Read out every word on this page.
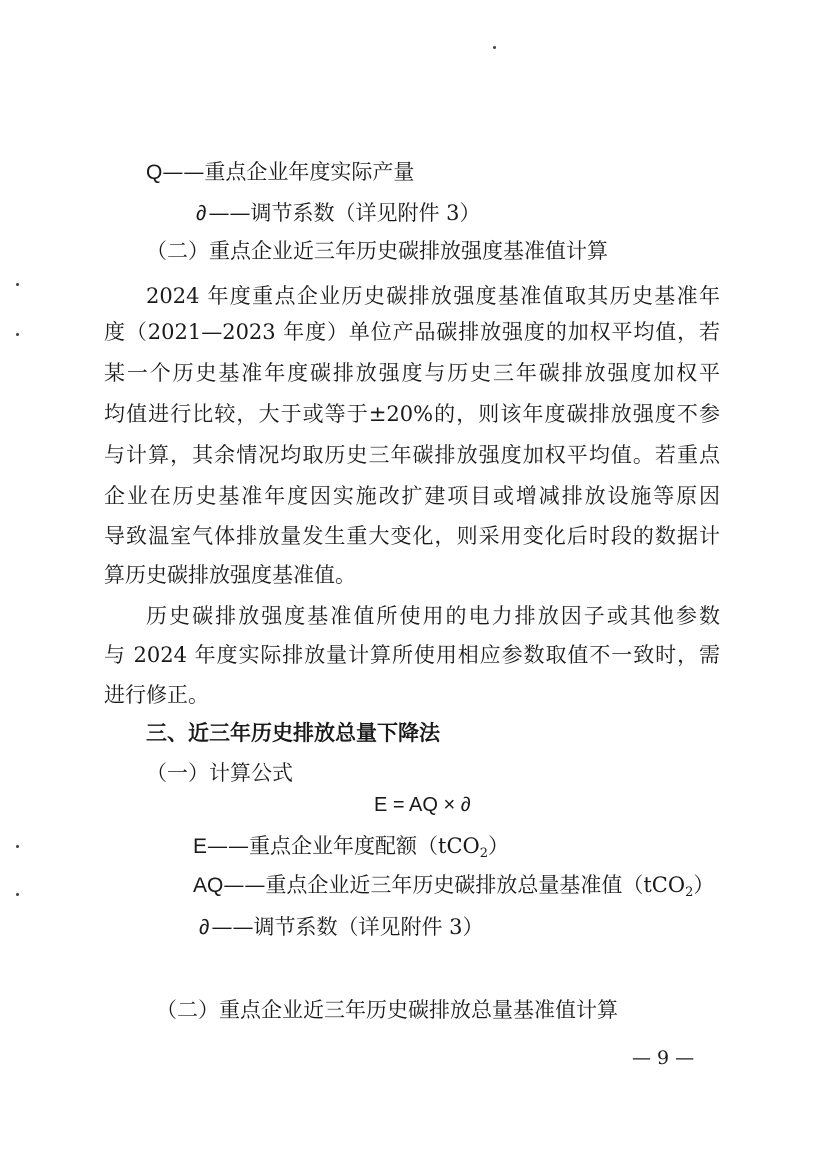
Q——重点企业年度实际产量
∂ ——调节系数（详见附件 3）
（二）重点企业近三年历史碳排放强度基准值计算
2024 年度重点企业历史碳排放强度基准值取其历史基准年
度（2021—2023 年度）单位产品碳排放强度的加权平均值，若
某一个历史基准年度碳排放强度与历史三年碳排放强度加权平
均值进行比较，大于或等于±20%的，则该年度碳排放强度不参
与计算，其余情况均取历史三年碳排放强度加权平均值。若重点
企业在历史基准年度因实施改扩建项目或增减排放设施等原因
导致温室气体排放量发生重大变化，则采用变化后时段的数据计
算历史碳排放强度基准值。
历史碳排放强度基准值所使用的电力排放因子或其他参数
与 2024 年度实际排放量计算所使用相应参数取值不一致时，需
进行修正。
三、近三年历史排放总量下降法
（一）计算公式
E = AQ × ∂
E——重点企业年度配额（tCO$_2$）
AQ——重点企业近三年历史碳排放总量基准值（tCO$_2$）
∂ ——调节系数（详见附件 3）
（二）重点企业近三年历史碳排放总量基准值计算
— 9 —
